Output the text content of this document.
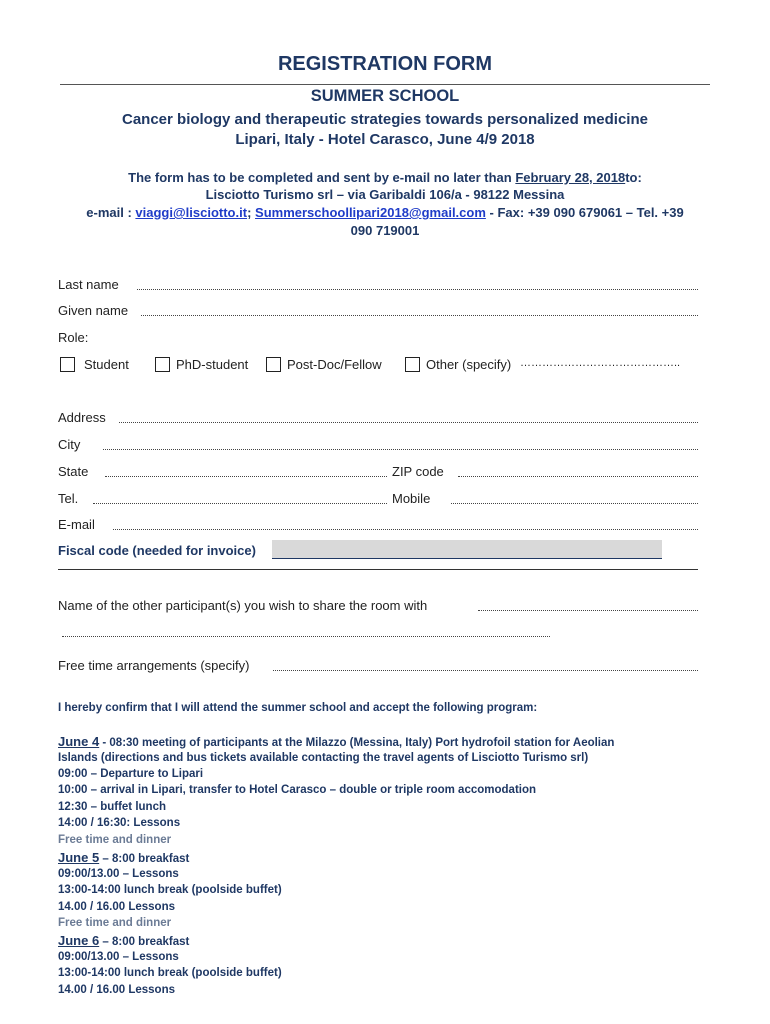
REGISTRATION FORM
SUMMER SCHOOL
Cancer biology and therapeutic strategies towards personalized medicine
Lipari, Italy - Hotel Carasco, June 4/9 2018
The form has to be completed and sent by e-mail no later than February 28, 2018to:
Lisciotto Turismo srl – via Garibaldi 106/a - 98122 Messina
e-mail : viaggi@lisciotto.it; Summerschoollipari2018@gmail.com - Fax: +39 090 679061 – Tel. +39
090 719001
Last name
Given name
Role:
Student	PhD-student	Post-Doc/Fellow	Other (specify) ……………………………………..
Address
City
State	ZIP code
Tel.	Mobile
E-mail
Fiscal code (needed for invoice)
Name of the other participant(s) you wish to share the room with
Free time arrangements (specify)
I hereby confirm that I will attend the summer school and accept the following program:
June 4 - 08:30 meeting of participants at the Milazzo (Messina, Italy) Port hydrofoil station for Aeolian
Islands (directions and bus tickets available contacting the travel agents of Lisciotto Turismo srl)
09:00 – Departure to Lipari
10:00 – arrival in Lipari, transfer to Hotel Carasco – double or triple room accomodation
12:30 – buffet lunch
14:00 / 16:30: Lessons
Free time and dinner
June 5 – 8:00 breakfast
09:00/13.00 – Lessons
13:00-14:00 lunch break (poolside buffet)
14.00 / 16.00 Lessons
Free time and dinner
June 6 – 8:00 breakfast
09:00/13.00 – Lessons
13:00-14:00 lunch break (poolside buffet)
14.00 / 16.00 Lessons
